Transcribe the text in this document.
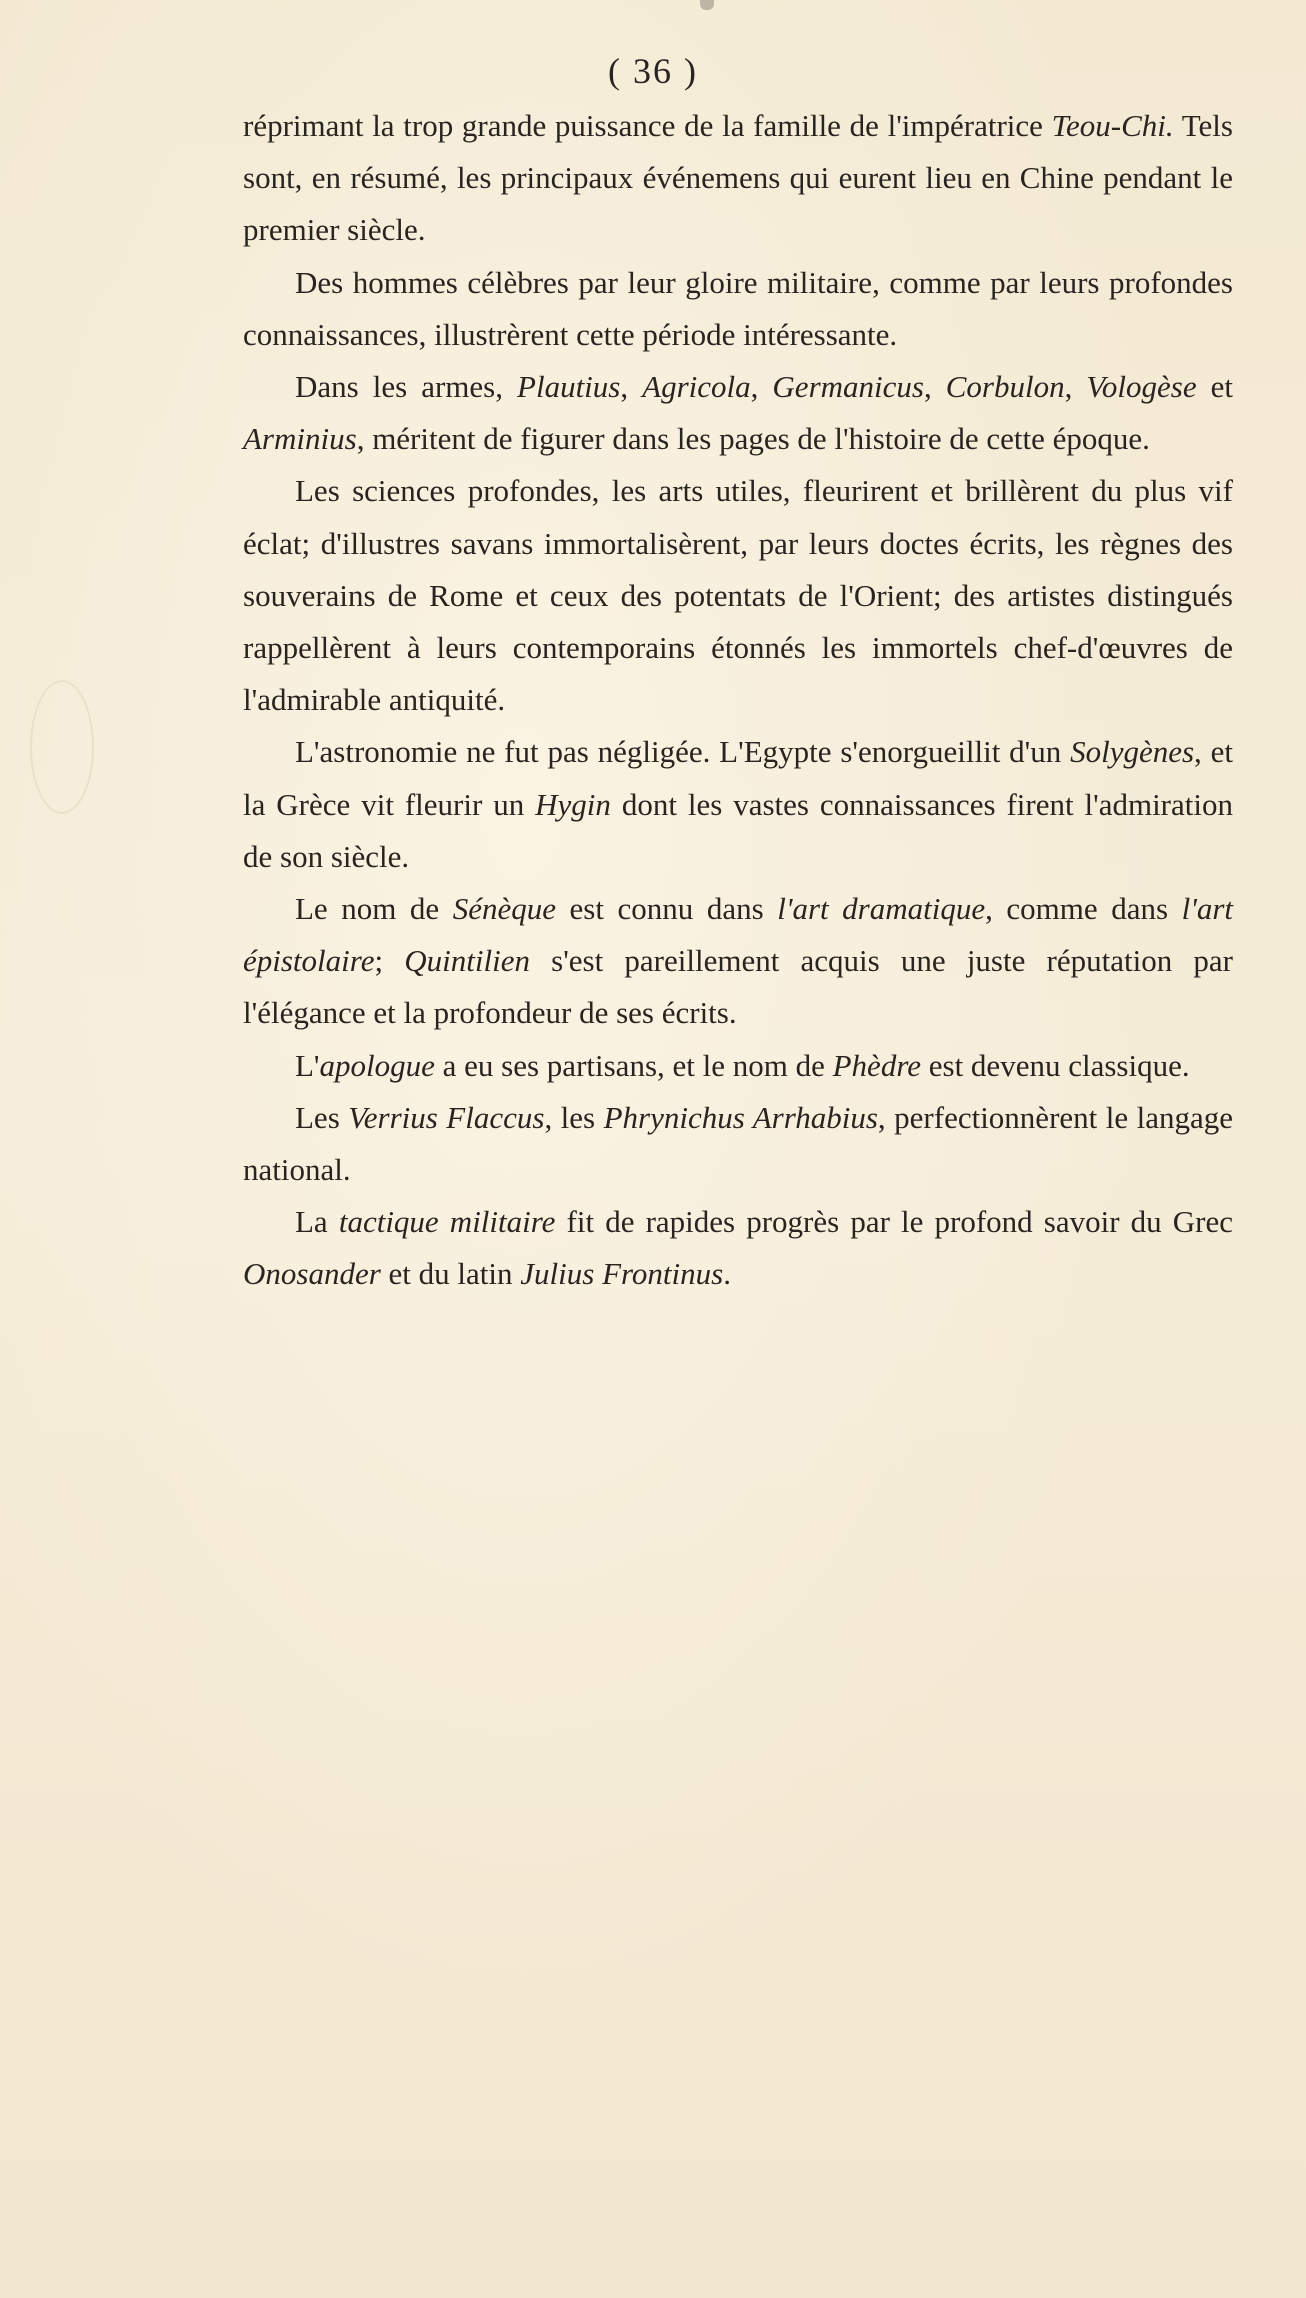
( 36 )

réprimant la trop grande puissance de la famille de l'impératrice Teou-Chi. Tels sont, en résumé, les principaux événemens qui eurent lieu en Chine pendant le premier siècle.

Des hommes célèbres par leur gloire militaire, comme par leurs profondes connaissances, illustrèrent cette période intéressante.

Dans les armes, Plautius, Agricola, Germanicus, Corbulon, Vologèse et Arminius, méritent de figurer dans les pages de l'histoire de cette époque.

Les sciences profondes, les arts utiles, fleurirent et brillèrent du plus vif éclat; d'illustres savans immortalisèrent, par leurs doctes écrits, les règnes des souverains de Rome et ceux des potentats de l'Orient; des artistes distingués rappellèrent à leurs contemporains étonnés les immortels chef-d'œuvres de l'admirable antiquité.

L'astronomie ne fut pas négligée. L'Egypte s'enorgueillit d'un Solygènes, et la Grèce vit fleurir un Hygin dont les vastes connaissances firent l'admiration de son siècle.

Le nom de Sénèque est connu dans l'art dramatique, comme dans l'art épistolaire; Quintilien s'est pareillement acquis une juste réputation par l'élégance et la profondeur de ses écrits.

L'apologue a eu ses partisans, et le nom de Phèdre est devenu classique.

Les Verrius Flaccus, les Phrynichus Arrhabius, perfectionnèrent le langage national.

La tactique militaire fit de rapides progrès par le profond savoir du Grec Onosander et du latin Julius Frontinus.
